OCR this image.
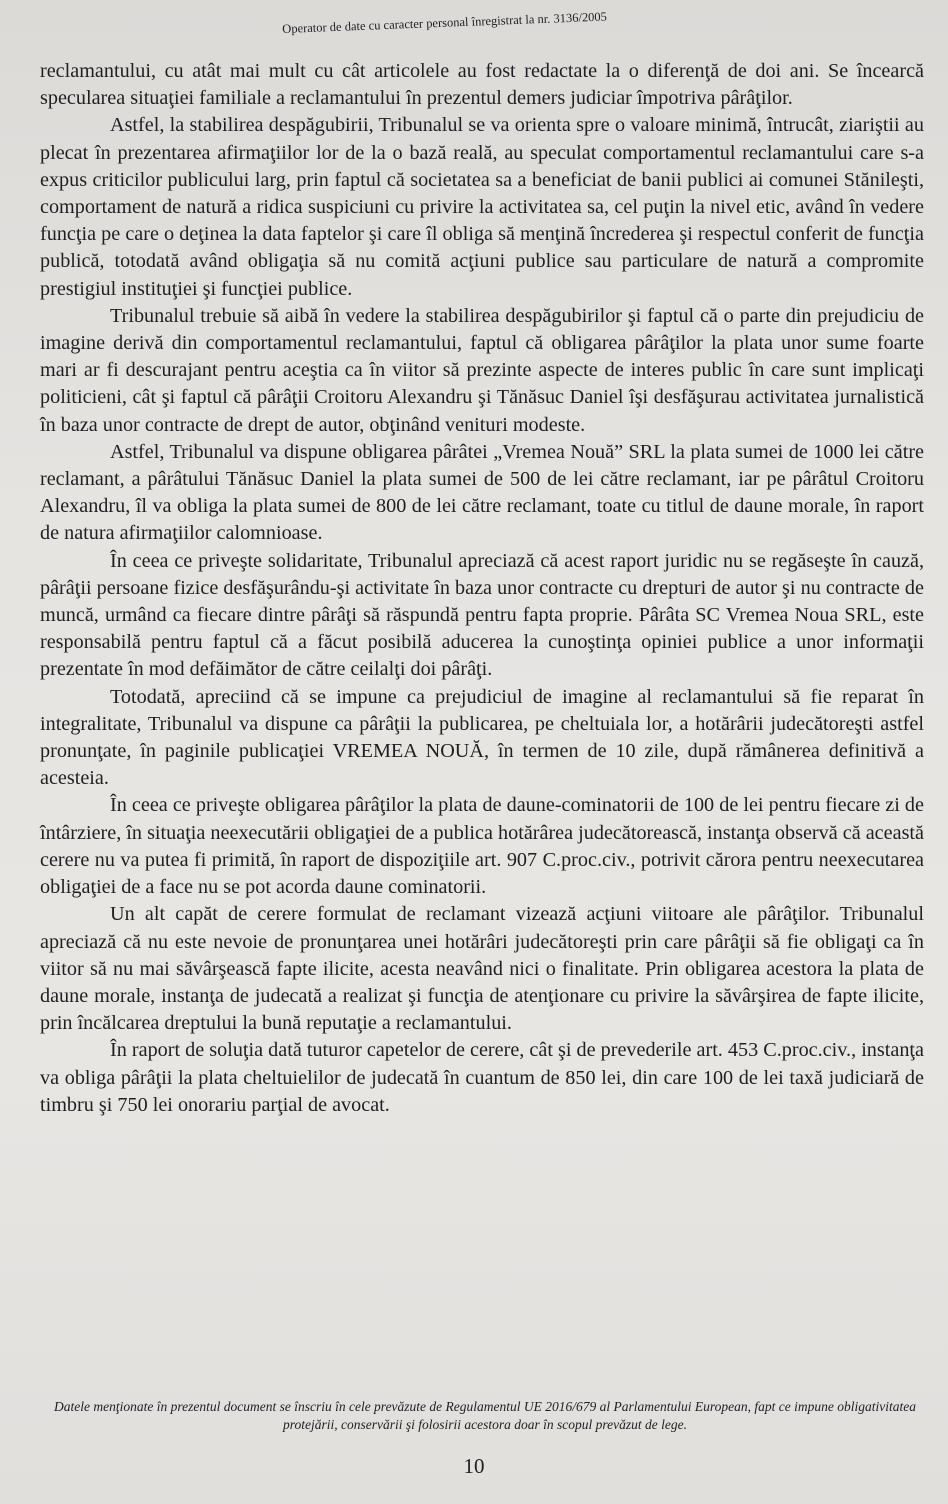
Operator de date cu caracter personal înregistrat la nr. 3136/2005

reclamantului, cu atât mai mult cu cât articolele au fost redactate la o diferenţă de doi ani. Se încearcă specularea situaţiei familiale a reclamantului în prezentul demers judiciar împotriva pârâţilor.

Astfel, la stabilirea despăgubirii, Tribunalul se va orienta spre o valoare minimă, întrucât, ziariştii au plecat în prezentarea afirmaţiilor lor de la o bază reală, au speculat comportamentul reclamantului care s-a expus criticilor publicului larg, prin faptul că societatea sa a beneficiat de banii publici ai comunei Stănileşti, comportament de natură a ridica suspiciuni cu privire la activitatea sa, cel puţin la nivel etic, având în vedere funcţia pe care o deţinea la data faptelor şi care îl obliga să menţină încrederea şi respectul conferit de funcţia publică, totodată având obligaţia să nu comită acţiuni publice sau particulare de natură a compromite prestigiul instituţiei şi funcţiei publice.

Tribunalul trebuie să aibă în vedere la stabilirea despăgubirilor şi faptul că o parte din prejudiciu de imagine derivă din comportamentul reclamantului, faptul că obligarea pârâţilor la plata unor sume foarte mari ar fi descurajant pentru aceştia ca în viitor să prezinte aspecte de interes public în care sunt implicaţi politicieni, cât şi faptul că pârâţii Croitoru Alexandru şi Tănăsuc Daniel îşi desfăşurau activitatea jurnalistică în baza unor contracte de drept de autor, obţinând venituri modeste.

Astfel, Tribunalul va dispune obligarea pârâtei „Vremea Nouă” SRL la plata sumei de 1000 lei către reclamant, a pârâtului Tănăsuc Daniel la plata sumei de 500 de lei către reclamant, iar pe pârâtul Croitoru Alexandru, îl va obliga la plata sumei de 800 de lei către reclamant, toate cu titlul de daune morale, în raport de natura afirmaţiilor calomnioase.

În ceea ce priveşte solidaritate, Tribunalul apreciază că acest raport juridic nu se regăseşte în cauză, pârâţii persoane fizice desfăşurându-şi activitate în baza unor contracte cu drepturi de autor şi nu contracte de muncă, urmând ca fiecare dintre pârâţi să răspundă pentru fapta proprie. Pârâta SC Vremea Noua SRL, este responsabilă pentru faptul că a făcut posibilă aducerea la cunoştinţa opiniei publice a unor informaţii prezentate în mod defăimător de către ceilalţi doi pârâţi.

Totodată, apreciind că se impune ca prejudiciul de imagine al reclamantului să fie reparat în integralitate, Tribunalul va dispune ca pârâţii la publicarea, pe cheltuiala lor, a hotărârii judecătoreşti astfel pronunţate, în paginile publicaţiei VREMEA NOUĂ, în termen de 10 zile, după rămânerea definitivă a acesteia.

În ceea ce priveşte obligarea pârâţilor la plata de daune-cominatorii de 100 de lei pentru fiecare zi de întârziere, în situaţia neexecutării obligaţiei de a publica hotărârea judecătorească, instanţa observă că această cerere nu va putea fi primită, în raport de dispoziţiile art. 907 C.proc.civ., potrivit cărora pentru neexecutarea obligaţiei de a face nu se pot acorda daune cominatorii.

Un alt capăt de cerere formulat de reclamant vizează acţiuni viitoare ale pârâţilor. Tribunalul apreciază că nu este nevoie de pronunţarea unei hotărâri judecătoreşti prin care pârâţii să fie obligaţi ca în viitor să nu mai săvârşească fapte ilicite, acesta neavând nici o finalitate. Prin obligarea acestora la plata de daune morale, instanţa de judecată a realizat şi funcţia de atenţionare cu privire la săvârşirea de fapte ilicite, prin încălcarea dreptului la bună reputaţie a reclamantului.

În raport de soluţia dată tuturor capetelor de cerere, cât şi de prevederile art. 453 C.proc.civ., instanţa va obliga pârâţii la plata cheltuielilor de judecată în cuantum de 850 lei, din care 100 de lei taxă judiciară de timbru şi 750 lei onorariu parţial de avocat.

Datele menţionate în prezentul document se înscriu în cele prevăzute de Regulamentul UE 2016/679 al Parlamentului European, fapt ce impune obligativitatea protejării, conservării şi folosirii acestora doar în scopul prevăzut de lege.
10
